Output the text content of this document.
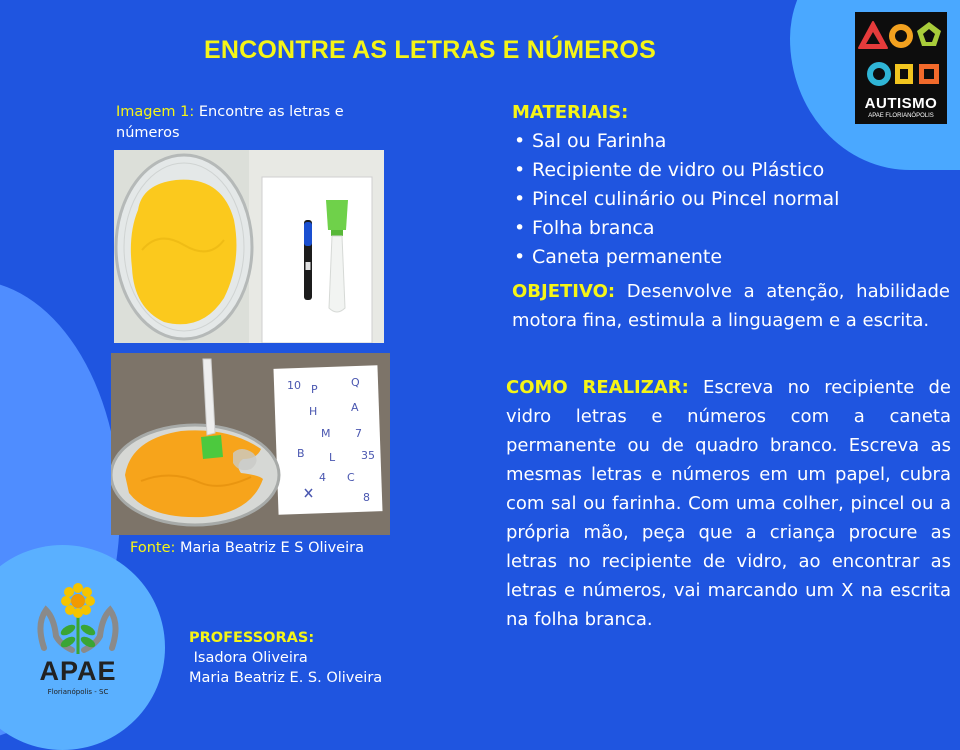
ENCONTRE AS LETRAS E NÚMEROS
Imagem 1: Encontre as letras e números
10 P
Q
H	A
M 7
B L 35
4 C
8
Fonte: Maria Beatriz E S Oliveira
AUTISMO
APAE FLORIANÓPOLIS
MATERIAIS:
• Sal ou Farinha
• Recipiente de vidro ou Plástico
• Pincel culinário ou Pincel normal
• Folha branca
• Caneta permanente
OBJETIVO: Desenvolve a atenção, habilidade motora fina, estimula a linguagem e a escrita.
COMO REALIZAR: Escreva no recipiente de vidro letras e números com a caneta permanente ou de quadro branco. Escreva as mesmas letras e números em um papel, cubra com sal ou farinha. Com uma colher, pincel ou a própria mão, peça que a criança procure as letras no recipiente de vidro, ao encontrar as letras e números, vai marcando um X na escrita na folha branca.
APAE
Florianópolis - SC
PROFESSORAS:
Isadora Oliveira
Maria Beatriz E. S. Oliveira
